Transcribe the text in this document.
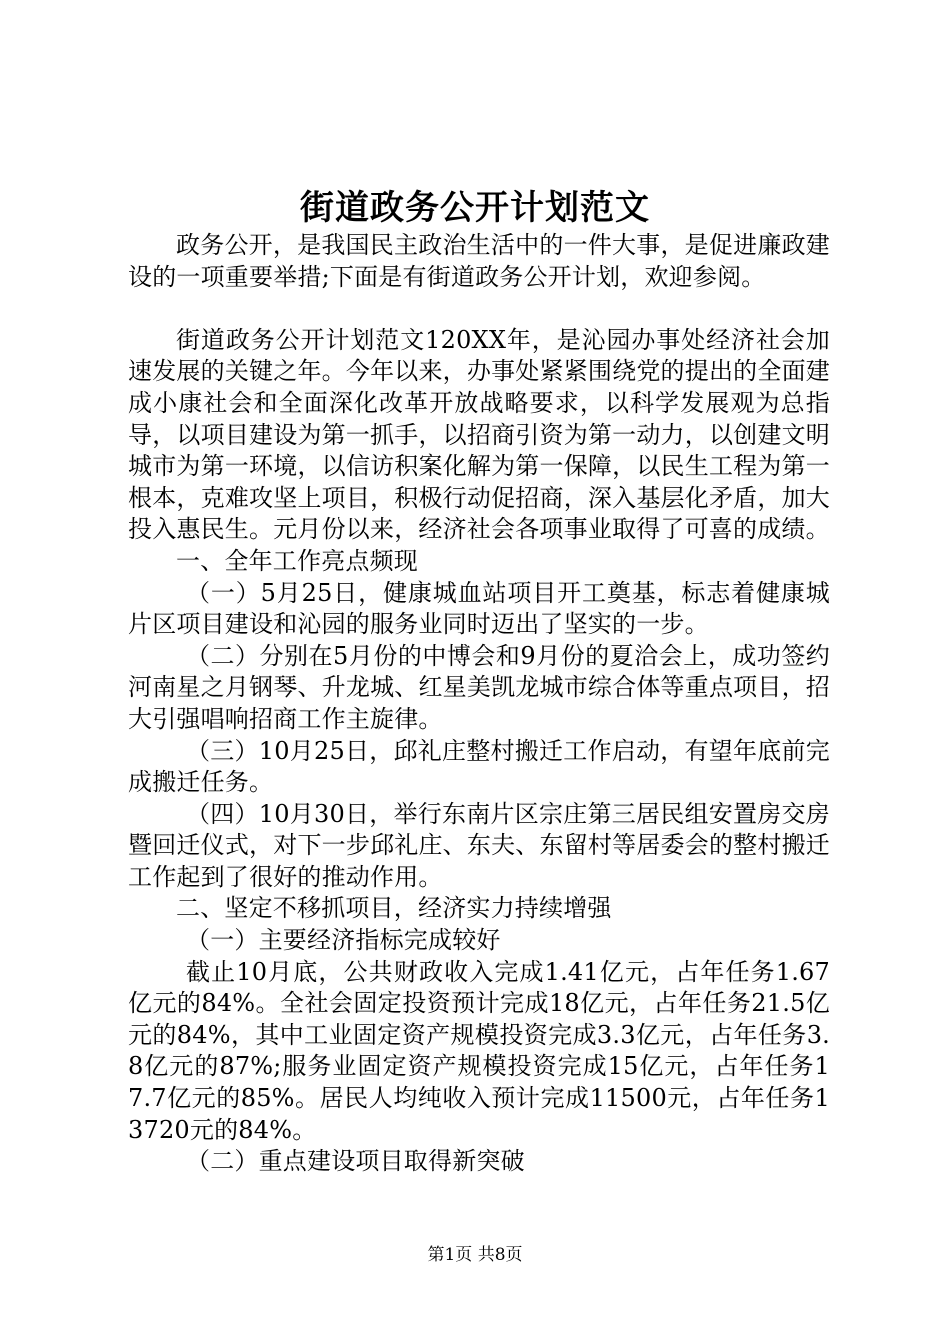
街道政务公开计划范文

政务公开，是我国民主政治生活中的一件大事，是促进廉政建设的一项重要举措;下面是有街道政务公开计划，欢迎参阅。

街道政务公开计划范文120XX年，是沁园办事处经济社会加速发展的关键之年。今年以来，办事处紧紧围绕党的提出的全面建成小康社会和全面深化改革开放战略要求，以科学发展观为总指导，以项目建设为第一抓手，以招商引资为第一动力，以创建文明城市为第一环境，以信访积案化解为第一保障，以民生工程为第一根本，克难攻坚上项目，积极行动促招商，深入基层化矛盾，加大投入惠民生。元月份以来，经济社会各项事业取得了可喜的成绩。

一、全年工作亮点频现

（一）5月25日，健康城血站项目开工奠基，标志着健康城片区项目建设和沁园的服务业同时迈出了坚实的一步。

（二）分别在5月份的中博会和9月份的夏洽会上，成功签约河南星之月钢琴、升龙城、红星美凯龙城市综合体等重点项目，招大引强唱响招商工作主旋律。

（三）10月25日，邱礼庄整村搬迁工作启动，有望年底前完成搬迁任务。

（四）10月30日，举行东南片区宗庄第三居民组安置房交房暨回迁仪式，对下一步邱礼庄、东夫、东留村等居委会的整村搬迁工作起到了很好的推动作用。

二、坚定不移抓项目，经济实力持续增强

（一）主要经济指标完成较好

截止10月底，公共财政收入完成1.41亿元，占年任务1.67亿元的84%。全社会固定投资预计完成18亿元，占年任务21.5亿元的84%，其中工业固定资产规模投资完成3.3亿元，占年任务3.8亿元的87%;服务业固定资产规模投资完成15亿元，占年任务17.7亿元的85%。居民人均纯收入预计完成11500元，占年任务13720元的84%。

（二）重点建设项目取得新突破

第1页 共8页
